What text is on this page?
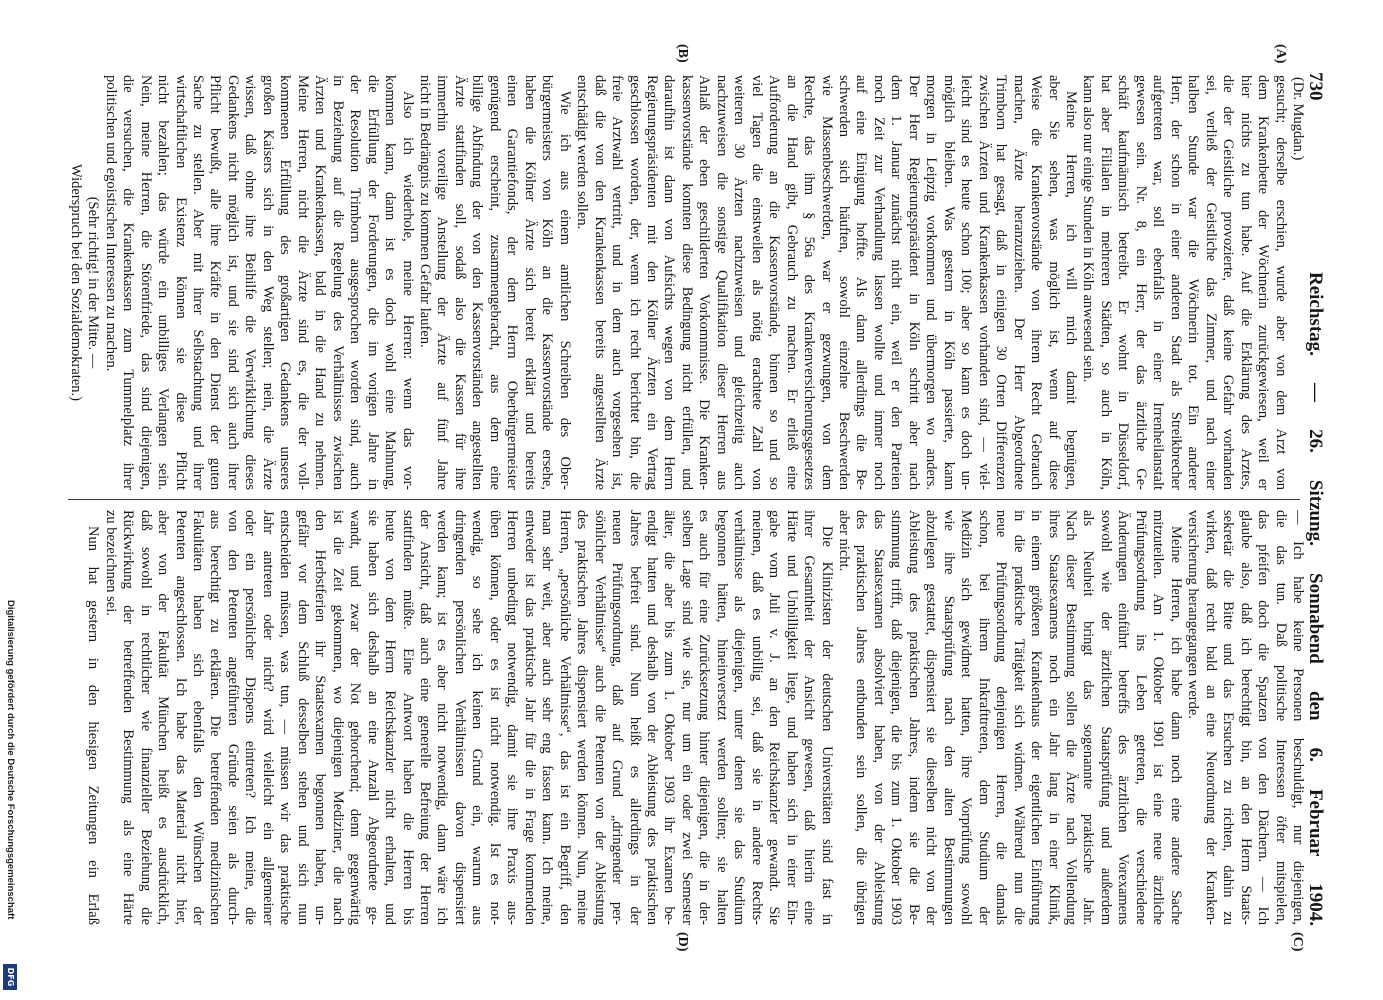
730
Reichstag. — 26. Sitzung. Sonnabend den 6. Februar 1904.
(A)
(B)
(C)
(D)
(Dr. Mugdan.)
gesucht; derselbe erschien, wurde aber von dem Arzt von
dem Krankenbette der Wöchnerin zurückgewiesen, weil er
hier nichts zu tun habe. Auf die Erklärung des Arztes,
die der Geistliche provozierte, daß keine Gefahr vorhanden
sei, verließ der Geistliche das Zimmer, und nach einer
halben Stunde war die Wöchnerin tot. Ein anderer
Herr, der schon in einer anderen Stadt als Streikbrecher
aufgetreten war, soll ebenfalls in einer Irrenheilanstalt
gewesen sein. Nr. 8, ein Herr, der das ärztliche Ge-
schäft kaufmännisch betreibt. Er wohnt in Düsseldorf,
hat aber Filialen in mehreren Städten, so auch in Köln,
kann also nur einige Stunden in Köln anwesend sein.
Meine Herren, ich will mich damit begnügen,
aber Sie sehen, was möglich ist, wenn auf diese
Weise die Krankenvorstände von ihrem Recht Gebrauch
machen, Ärzte heranzuziehen. Der Herr Abgeordnete
Trimborn hat gesagt, daß in einigen 30 Orten Differenzen
zwischen Ärzten und Krankenkassen vorhanden sind, — viel-
leicht sind es heute schon 100; aber so kann es doch un-
möglich bleiben. Was gestern in Köln passierte, kann
morgen in Leipzig vorkommen und übermorgen wo anders.
Der Herr Regierungspräsident in Köln schritt aber nach
dem 1. Januar zunächst nicht ein, weil er den Parteien
noch Zeit zur Verhandlung lassen wollte und immer noch
auf eine Einigung hoffte. Als dann allerdings die Be-
schwerden sich häuften, sowohl einzelne Beschwerden
wie Massenbeschwerden, war er gezwungen, von dem
Rechte, das ihm § 56a des Krankenversicherungsgesetzes
an die Hand gibt, Gebrauch zu machen. Er erließ eine
Aufforderung an die Kassenvorstände, binnen so und so
viel Tagen die einstweilen als nötig erachtete Zahl von
weiteren 30 Ärzten nachzuweisen und gleichzeitig auch
nachzuweisen die sonstige Qualifikation dieser Herren aus
Anlaß der eben geschilderten Vorkommnisse. Die Kranken-
kassenvorstände konnten diese Bedingung nicht erfüllen, und
daraufhin ist dann von Aufsichts wegen von dem Herrn
Regierungspräsidenten mit den Kölner Ärzten ein Vertrag
geschlossen worden, der, wenn ich recht berichtet bin, die
freie Arztwahl vertritt, und in dem auch vorgesehen ist,
daß die von den Krankenkassen bereits angestellten Ärzte
entschädigt werden sollen.
Wie ich aus einem amtlichen Schreiben des Ober-
bürgermeisters von Köln an die Kassenvorstände ersehe,
haben die Kölner Ärzte sich bereit erklärt und bereits
einen Garantiefonds, der dem Herrn Oberbürgermeister
genügend erscheint, zusammengebracht, aus dem eine
billige Abfindung der von den Kassenvorständen angestellten
Ärzte stattfinden soll, sodaß also die Kassen für ihre
immerhin voreilige Anstellung der Ärzte auf fünf Jahre
nicht in Bedrängnis zu kommen Gefahr laufen.
Also ich wiederhole, meine Herren: wenn das vor-
kommen kann, dann ist es doch wohl eine Mahnung,
die Erfüllung der Forderungen, die im vorigen Jahre in
der Resolution Trimborn ausgesprochen worden sind, auch
in Beziehung auf die Regelung des Verhältnisses zwischen
Ärzten und Krankenkassen, bald in die Hand zu nehmen.
Meine Herren, nicht die Ärzte sind es, die der voll-
kommenen Erfüllung des großartigen Gedankens unseres
großen Kaisers sich in den Weg stellen; nein, die Ärzte
wissen, daß ohne ihre Beihilfe die Verwirklichung dieses
Gedankens nicht möglich ist, und sie sind sich auch ihrer
Pflicht bewußt, alle ihre Kräfte in den Dienst der guten
Sache zu stellen. Aber mit ihrer Selbstachtung und ihrer
wirtschaftlichen Existenz können sie diese Pflicht
nicht bezahlen; das würde ein unbilliges Verlangen sein.
Nein, meine Herren, die Störenfriede, das sind diejenigen,
die versuchen, die Krankenkassen zum Tummelplatz ihrer
politischen und egoistischen Interessen zu machen.
(Sehr richtig! in der Mitte. —
Widerspruch bei den Sozialdemokraten.)
— Ich habe keine Personen beschuldigt, nur diejenigen,
die das tun. Daß politische Interessen öfter mitspielen,
das pfeifen doch die Spatzen von den Dächern. — Ich
glaube also, daß ich berechtigt bin, an den Herrn Staats-
sekretär die Bitte und das Ersuchen zu richten, dahin zu
wirken, daß recht bald an eine Neuordnung der Kranken-
versicherung herangegangen werde.
Meine Herren, ich habe dann noch eine andere Sache
mitzuteilen. Am 1. Oktober 1901 ist eine neue ärztliche
Prüfungsordnung ins Leben getreten, die verschiedene
Änderungen einführt betreffs des ärztlichen Vorexamens
sowohl wie der ärztlichen Staatsprüfung und außerdem
als Neuheit bringt das sogenannte praktische Jahr.
Nach dieser Bestimmung sollen die Ärzte nach Vollendung
ihres Staatsexamens noch ein Jahr lang in einer Klinik,
in einem größeren Krankenhaus der eigentlichen Einführung
in die praktische Tätigkeit sich widmen. Während nun die
neue Prüfungsordnung denjenigen Herren, die damals
schon, bei ihrem Inkrafttreten, dem Studium der
Medizin sich gewidmet hatten, ihre Vorprüfung sowohl
wie ihre Staatsprüfung nach den alten Bestimmungen
abzulegen gestattet, dispensiert sie dieselben nicht von der
Ableistung des praktischen Jahres, indem sie die Be-
stimmung trifft, daß diejenigen, die bis zum 1. Oktober 1903
das Staatsexamen absolviert haben, von der Ableistung
des praktischen Jahres entbunden sein sollen, die übrigen
aber nicht.
Die Klinizisten der deutschen Universitäten sind fast in
ihrer Gesamtheit der Ansicht gewesen, daß hierin eine
Härte und Unbilligkeit liege, und haben sich in einer Ein-
gabe vom Juli v. J. an den Reichskanzler gewandt. Sie
meinen, daß es unbillig sei, daß sie in andere Rechts-
verhältnisse als diejenigen, unter denen sie das Studium
begonnen hätten, hineinversetzt werden sollten; sie halten
es auch für eine Zurücksetzung hinter diejenigen, die in der-
selben Lage sind wie sie, nur um ein oder zwei Semester
älter, die aber bis zum 1. Oktober 1903 ihr Examen be-
endigt hatten und deshalb von der Ableistung des praktischen
Jahres befreit sind. Nun heißt es allerdings in der
neuen Prüfungsordnung, daß auf Grund „dringender per-
sönlicher Verhältnisse“ auch die Petenten von der Ableistung
des praktischen Jahres dispensiert werden können. Nun, meine
Herren, „persönliche Verhältnisse“, das ist ein Begriff, den
man sehr weit, aber auch sehr eng fassen kann. Ich meine,
entweder ist das praktische Jahr für die in Frage kommenden
Herren unbedingt notwendig, damit sie ihre Praxis aus-
üben können, oder es ist nicht notwendig. Ist es not-
wendig, so sehe ich keinen Grund ein, warum aus
dringenden persönlichen Verhältnissen davon dispensiert
werden kann; ist es aber nicht notwendig, dann wäre ich
der Ansicht, daß auch eine generelle Befreiung der Herren
stattfinden müßte. Eine Antwort haben die Herren bis
heute von dem Herrn Reichskanzler nicht erhalten, und
sie haben sich deshalb an eine Anzahl Abgeordnete ge-
wandt, und zwar der Not gehorchend; denn gegenwärtig
ist die Zeit gekommen, wo diejenigen Mediziner, die nach
den Herbstferien ihr Staatsexamen begonnen haben, un-
gefähr vor dem Schluß desselben stehen und sich nun
entscheiden müssen, was tun, — müssen wir das praktische
Jahr antreten oder nicht? wird vielleicht ein allgemeiner
oder ein persönlicher Dispens eintreten? Ich meine, die
von den Petenten angeführten Gründe seien als durch-
aus berechtigt zu erklären. Die betreffenden medizinischen
Fakultäten haben sich ebenfalls den Wünschen der
Petenten angeschlossen. Ich habe das Material nicht hier,
aber von der Fakultät München heißt es ausdrücklich,
daß sowohl in rechtlicher wie finanzieller Beziehung die
Rückwirkung der betreffenden Bestimmung als eine Härte
zu bezeichnen sei.
Nun hat gestern in den hiesigen Zeitungen ein Erlaß
Digitalisierung gefördert durch die Deutsche Forschungsgemeinschaft
DFG
